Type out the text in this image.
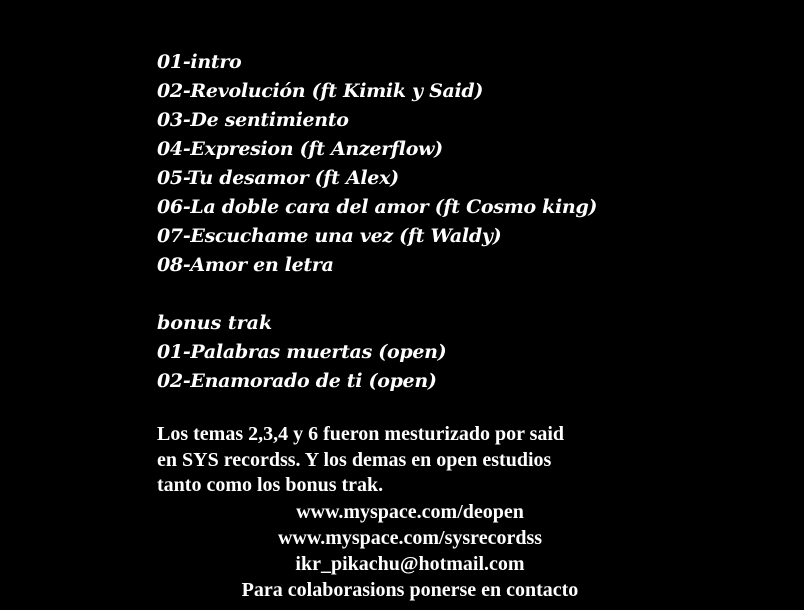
01-intro
02-Revolución (ft Kimik y Said)
03-De sentimiento
04-Expresion (ft Anzerflow)
05-Tu desamor (ft Alex)
06-La doble cara del amor (ft Cosmo king)
07-Escuchame una vez (ft Waldy)
08-Amor en letra
bonus trak
01-Palabras muertas (open)
02-Enamorado de ti (open)
Los temas 2,3,4 y 6 fueron mesturizado por said
en SYS recordss. Y los demas en open estudios
tanto como los bonus trak.
www.myspace.com/deopen
www.myspace.com/sysrecordss
ikr_pikachu@hotmail.com
Para colaborasions ponerse en contacto
